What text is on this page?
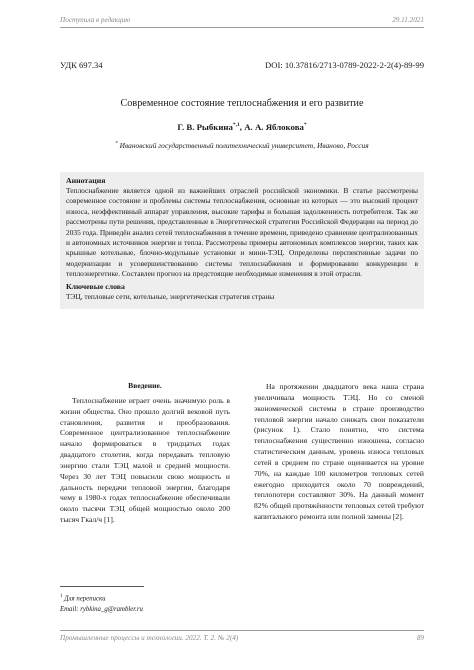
Поступила в редакцию	29.11.2021
УДК 697.34	DOI: 10.37816/2713-0789-2022-2-2(4)-89-99
Современное состояние теплоснабжения и его развитие
Г. В. Рыбкина$^{*,1}$, А. А. Яблокова*
* Ивановский государственный политехнический университет, Иваново, Россия
Аннотация
Теплоснабжение является одной из важнейших отраслей российской экономики. В статье рассмотрены современное состояние и проблемы системы теплоснабжения, основные из которых — это высокий процент износа, неэффективный аппарат управления, высокие тарифы и большая задолженность потребителя. Так же рассмотрены пути решения, представленные в Энергетической стратегии Российской Федерации на период до 2035 года. Приведён анализ сетей теплоснабжения в течение времени, приведено сравнение централизованных и автономных источников энергии и тепла. Рассмотрены примеры автономных комплексов энергии, таких как крышные котельные, блочно-модульные установки и мини-ТЭЦ. Определены перспективные задачи по модернизации и усовершенствованию системы теплоснабжения и формированию конкуренции в теплоэнергетике. Составлен прогноз на предстоящие необходимые изменения в этой отрасли.
Ключевые слова
ТЭЦ, тепловые сети, котельные, энергетическая стратегия страны
Введение.

Теплоснабжение играет очень значимую роль в жизни общества. Оно прошло долгий вековой путь становления, развития и преобразования. Современное централизованное теплоснабжение начало формироваться в тридцатых годах двадцатого столетия, когда передавать тепловую энергию стали ТЭЦ малой и средней мощности. Через 30 лет ТЭЦ повысили свою мощность и дальность передачи тепловой энергии, благодаря чему в 1980-х годах теплоснабжение обеспечивали около тысячи ТЭЦ общей мощностью около 200 тысяч Гкал/ч [1].

На протяжении двадцатого века наша страна увеличивала мощность ТЭЦ. Но со сменой экономической системы в стране производство тепловой энергии начало снижать свои показатели (рисунок 1). Стало понятно, что система теплоснабжения существенно изношена, согласно статистическим данным, уровень износа тепловых сетей в среднем по стране оценивается на уровне 70%, на каждые 100 километров тепловых сетей ежегодно приходится около 70 повреждений, теплопотери составляют 30%. На данный момент 82% общей протяжённости тепловых сетей требуют капитального ремонта или полной замены [2].

$^1$ Для переписки
Email: rybkina_g@rambler.ru
Промышленные процессы и технологии. 2022. Т. 2. № 2(4)	89
